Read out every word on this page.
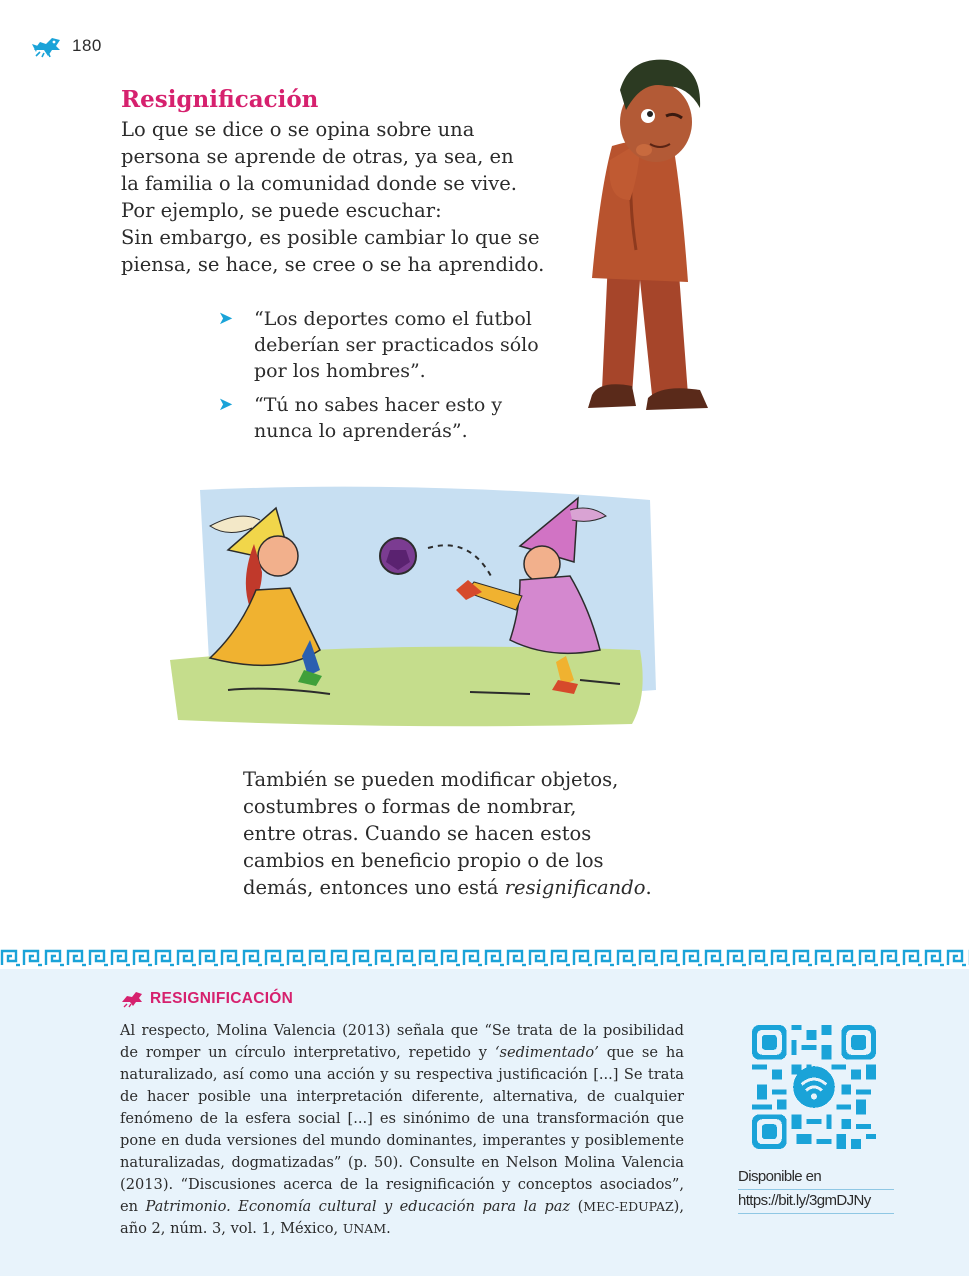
180
Resignificación

Lo que se dice o se opina sobre una

persona se aprende de otras, ya sea, en

la familia o la comunidad donde se vive.

Por ejemplo, se puede escuchar:

Sin embargo, es posible cambiar lo que se

piensa, se hace, se cree o se ha aprendido.

➤ “Los deportes como el futbol deberían ser practicados sólo por los hombres”.
➤ “Tú no sabes hacer esto y nunca lo aprenderás”.

También se pueden modificar objetos,

costumbres o formas de nombrar,

entre otras. Cuando se hacen estos

cambios en beneficio propio o de los

demás, entonces uno está resignificando.

RESIGNIFICACIÓN

Al respecto, Molina Valencia (2013) señala que “Se trata de la posibilidad de romper un círculo interpretativo, repetido y ‘sedimentado’ que se ha naturalizado, así como una acción y su respectiva justificación [...] Se trata de hacer posible una interpretación diferente, alternativa, de cualquier fenómeno de la esfera social [...] es sinónimo de una transformación que pone en duda versiones del mundo dominantes, imperantes y posiblemente naturalizadas, dogmatizadas” (p. 50). Consulte en Nelson Molina Valencia (2013). “Discusiones acerca de la resignificación y conceptos asociados”, en Patrimonio. Economía cultural y educación para la paz (MEC-EDUPAZ), año 2, núm. 3, vol. 1, México, UNAM.

Disponible en
https://bit.ly/3gmDJNy
